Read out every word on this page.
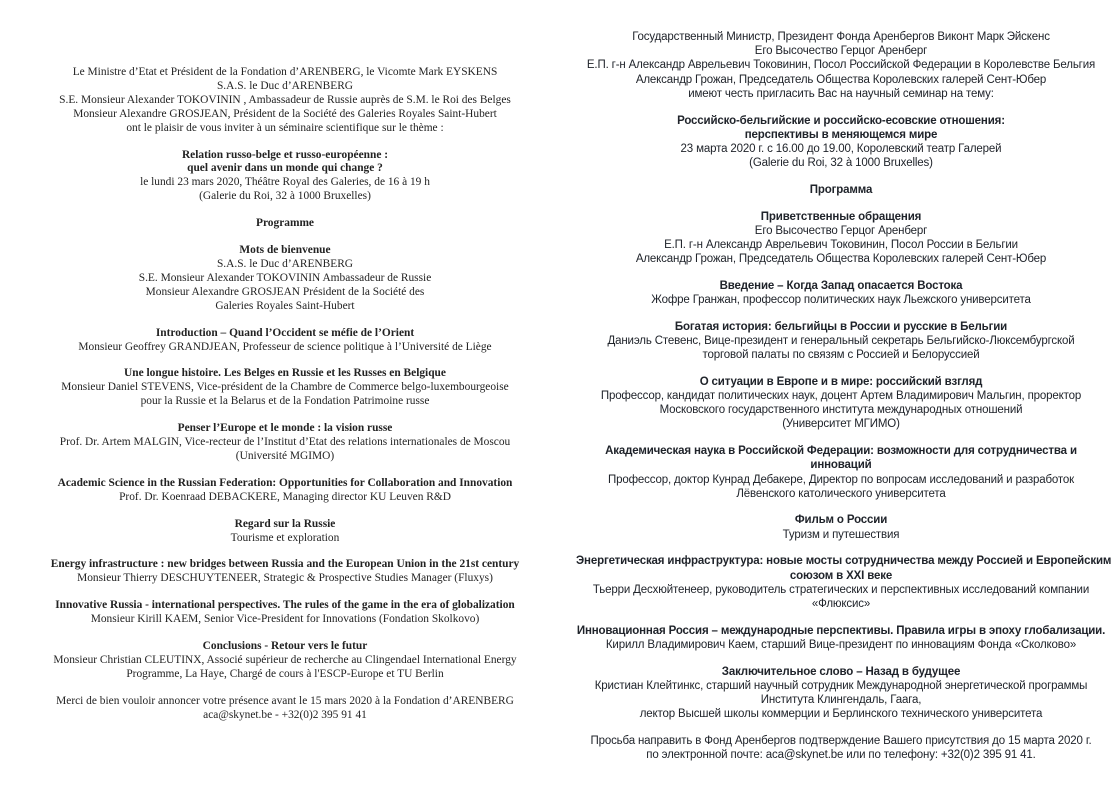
Le Ministre d’Etat et Président de la Fondation d’ARENBERG, le Vicomte Mark EYSKENS
S.A.S. le Duc d’ARENBERG
S.E. Monsieur Alexander TOKOVININ , Ambassadeur de Russie auprès de S.M. le Roi des Belges
Monsieur Alexandre GROSJEAN, Président de la Société des Galeries Royales Saint-Hubert
ont le plaisir de vous inviter à un séminaire scientifique sur le thème :
Relation russo-belge et russo-européenne :
quel avenir dans un monde qui change ?
le lundi 23 mars 2020, Théâtre Royal des Galeries, de 16 à 19 h
(Galerie du Roi, 32 à 1000 Bruxelles)
Programme
Mots de bienvenue
S.A.S. le Duc d’ARENBERG
S.E. Monsieur Alexander TOKOVININ Ambassadeur de Russie
Monsieur Alexandre GROSJEAN Président de la Société des
Galeries Royales Saint-Hubert
Introduction – Quand l’Occident se méfie de l’Orient
Monsieur Geoffrey GRANDJEAN, Professeur de science politique à l’Université de Liège
Une longue histoire. Les Belges en Russie et les Russes en Belgique
Monsieur Daniel STEVENS, Vice-président de la Chambre de Commerce belgo-luxembourgeoise
pour la Russie et la Belarus et de la Fondation Patrimoine russe
Penser l’Europe et le monde : la vision russe
Prof. Dr. Artem MALGIN, Vice-recteur de l’Institut d’Etat des relations internationales de Moscou
(Université MGIMO)
Academic Science in the Russian Federation: Opportunities for Collaboration and Innovation
Prof. Dr. Koenraad DEBACKERE, Managing director KU Leuven R&D
Regard sur la Russie
Tourisme et exploration
Energy infrastructure : new bridges between Russia and the European Union in the 21st century
Monsieur Thierry DESCHUYTENEER, Strategic & Prospective Studies Manager (Fluxys)
Innovative Russia - international perspectives. The rules of the game in the era of globalization
Monsieur Kirill KAEM, Senior Vice-President for Innovations (Fondation Skolkovo)
Conclusions - Retour vers le futur
Monsieur Christian CLEUTINX, Associé supérieur de recherche au Clingendael International Energy
Programme, La Haye, Chargé de cours à l'ESCP-Europe et TU Berlin
Merci de bien vouloir annoncer votre présence avant le 15 mars 2020 à la Fondation d’ARENBERG
aca@skynet.be - +32(0)2 395 91 41
Государственный Министр, Президент Фонда Аренбергов Виконт Марк Эйскенс
Его Высочество Герцог Аренберг
Е.П. г-н Александр Аврельевич Токовинин, Посол Российской Федерации в Королевстве Бельгия
Александр Грожан, Председатель Общества Королевских галерей Сент-Юбер
имеют честь пригласить Вас на научный семинар на тему:
Российско-бельгийские и российско-есовские отношения:
перспективы в меняющемся мире
23 марта 2020 г. с 16.00 до 19.00, Королевский театр Галерей
(Galerie du Roi, 32 à 1000 Bruxelles)
Программа
Приветственные обращения
Его Высочество Герцог Аренберг
Е.П. г-н Александр Аврельевич Токовинин, Посол России в Бельгии
Александр Грожан, Председатель Общества Королевских галерей Сент-Юбер
Введение – Когда Запад опасается Востока
Жофре Гранжан, профессор политических наук Льежского университета
Богатая история: бельгийцы в России и русские в Бельгии
Даниэль Стевенс, Вице-президент и генеральный секретарь Бельгийско-Люксембургской
торговой палаты по связям с Россией и Белоруссией
О ситуации в Европе и в мире: российский взгляд
Профессор, кандидат политических наук, доцент Артем Владимирович Мальгин, проректор
Московского государственного института международных отношений
(Университет МГИМО)
Академическая наука в Российской Федерации: возможности для сотрудничества и
инноваций
Профессор, доктор Кунрад Дебакере, Директор по вопросам исследований и разработок
Лёвенского католического университета
Фильм о России
Туризм и путешествия
Энергетическая инфраструктура: новые мосты сотрудничества между Россией и Европейским
союзом в XXI веке
Тьерри Десхюйтенеер, руководитель стратегических и перспективных исследований компании
«Флюксис»
Инновационная Россия – международные перспективы. Правила игры в эпоху глобализации.
Кирилл Владимирович Каем, старший Вице-президент по инновациям Фонда «Сколково»
Заключительное слово – Назад в будущее
Кристиан Клейтинкс, старший научный сотрудник Международной энергетической программы
Института Клингендаль, Гаага,
лектор Высшей школы коммерции и Берлинского технического университета
Просьба направить в Фонд Аренбергов подтверждение Вашего присутствия до 15 марта 2020 г.
по электронной почте: aca@skynet.be или по телефону: +32(0)2 395 91 41.
